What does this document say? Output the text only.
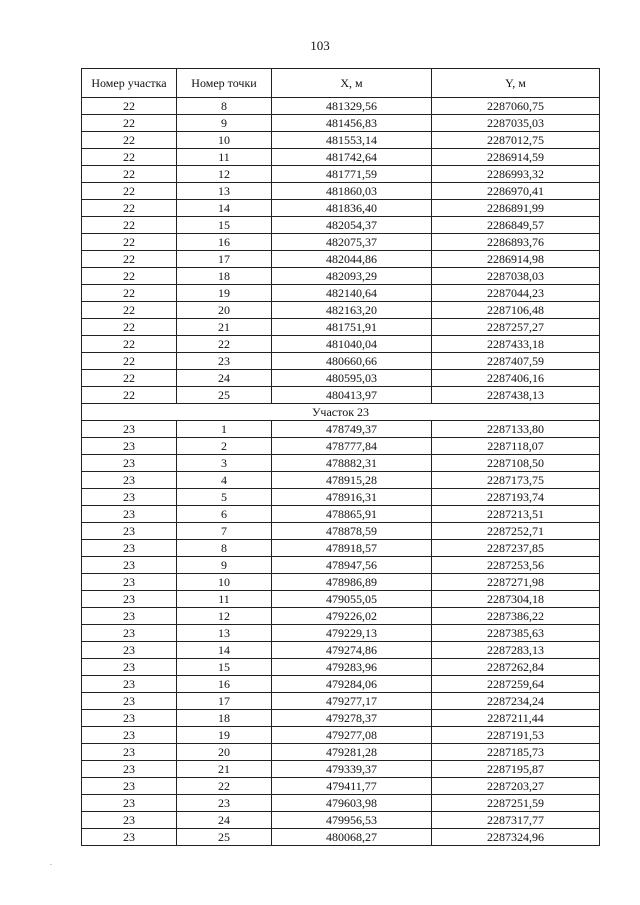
103
Номер участка	Номер точки	X, м	Y, м
22	8	481329,56	2287060,75
22	9	481456,83	2287035,03
22	10	481553,14	2287012,75
22	11	481742,64	2286914,59
22	12	481771,59	2286993,32
22	13	481860,03	2286970,41
22	14	481836,40	2286891,99
22	15	482054,37	2286849,57
22	16	482075,37	2286893,76
22	17	482044,86	2286914,98
22	18	482093,29	2287038,03
22	19	482140,64	2287044,23
22	20	482163,20	2287106,48
22	21	481751,91	2287257,27
22	22	481040,04	2287433,18
22	23	480660,66	2287407,59
22	24	480595,03	2287406,16
22	25	480413,97	2287438,13
Участок 23			
23	1	478749,37	2287133,80
23	2	478777,84	2287118,07
23	3	478882,31	2287108,50
23	4	478915,28	2287173,75
23	5	478916,31	2287193,74
23	6	478865,91	2287213,51
23	7	478878,59	2287252,71
23	8	478918,57	2287237,85
23	9	478947,56	2287253,56
23	10	478986,89	2287271,98
23	11	479055,05	2287304,18
23	12	479226,02	2287386,22
23	13	479229,13	2287385,63
23	14	479274,86	2287283,13
23	15	479283,96	2287262,84
23	16	479284,06	2287259,64
23	17	479277,17	2287234,24
23	18	479278,37	2287211,44
23	19	479277,08	2287191,53
23	20	479281,28	2287185,73
23	21	479339,37	2287195,87
23	22	479411,77	2287203,27
23	23	479603,98	2287251,59
23	24	479956,53	2287317,77
23	25	480068,27	2287324,96
.
